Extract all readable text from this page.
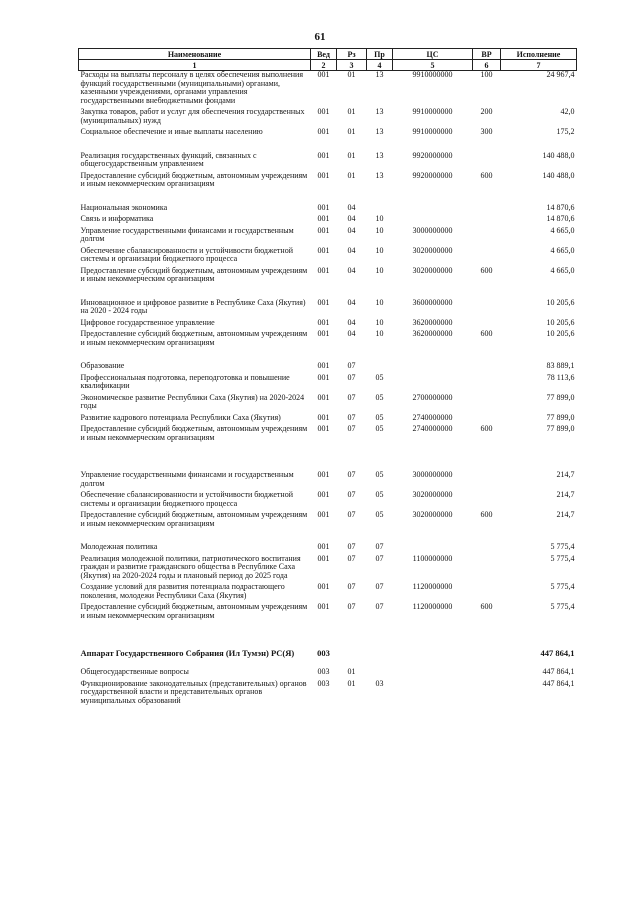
61
Наименование	Вед	Рз	Пр	ЦС	ВР	Исполнение
1	2	3	4	5	6	7
Расходы на выплаты персоналу в целях обеспечения выполнения функций государственными (муниципальными) органами, казенными учреждениями, органами управления государственными внебюджетными фондами	001	01	13	9910000000	100	24 967,4
Закупка товаров, работ и услуг для обеспечения государственных (муниципальных) нужд	001	01	13	9910000000	200	42,0
Социальное обеспечение и иные выплаты населению	001	01	13	9910000000	300	175,2
Реализация государственных функций, связанных с общегосударственным управлением	001	01	13	9920000000		140 488,0
Предоставление субсидий бюджетным, автономным учреждениям и иным некоммерческим организациям	001	01	13	9920000000	600	140 488,0
Национальная экономика	001	04				14 870,6
Связь и информатика	001	04	10			14 870,6
Управление государственными финансами и государственным долгом	001	04	10	3000000000		4 665,0
Обеспечение сбалансированности и устойчивости бюджетной системы и организации бюджетного процесса	001	04	10	3020000000		4 665,0
Предоставление субсидий бюджетным, автономным учреждениям и иным некоммерческим организациям	001	04	10	3020000000	600	4 665,0
Инновационное и цифровое развитие в Республике Саха (Якутия) на 2020 - 2024 годы	001	04	10	3600000000		10 205,6
Цифровое государственное управление	001	04	10	3620000000		10 205,6
Предоставление субсидий бюджетным, автономным учреждениям и иным некоммерческим организациям	001	04	10	3620000000	600	10 205,6
Образование	001	07				83 889,1
Профессиональная подготовка, переподготовка и повышение квалификации	001	07	05			78 113,6
Экономическое развитие Республики Саха (Якутия) на 2020-2024 годы	001	07	05	2700000000		77 899,0
Развитие кадрового потенциала Республики Саха (Якутия)	001	07	05	2740000000		77 899,0
Предоставление субсидий бюджетным, автономным учреждениям и иным некоммерческим организациям	001	07	05	2740000000	600	77 899,0
Управление государственными финансами и государственным долгом	001	07	05	3000000000		214,7
Обеспечение сбалансированности и устойчивости бюджетной системы и организации бюджетного процесса	001	07	05	3020000000		214,7
Предоставление субсидий бюджетным, автономным учреждениям и иным некоммерческим организациям	001	07	05	3020000000	600	214,7
Молодежная политика	001	07	07			5 775,4
Реализация молодежной политики, патриотического воспитания граждан и развитие гражданского общества в Республике Саха (Якутия) на 2020-2024 годы и плановый период до 2025 года	001	07	07	1100000000		5 775,4
Создание условий для развития потенциала подрастающего поколения, молодежи Республики Саха (Якутия)	001	07	07	1120000000		5 775,4
Предоставление субсидий бюджетным, автономным учреждениям и иным некоммерческим организациям	001	07	07	1120000000	600	5 775,4
Аппарат Государственного Собрания (Ил Тумэн) РС(Я)	003					447 864,1
Общегосударственные вопросы	003	01				447 864,1
Функционирование законодательных (представительных) органов государственной власти и представительных органов муниципальных образований	003	01	03			447 864,1
